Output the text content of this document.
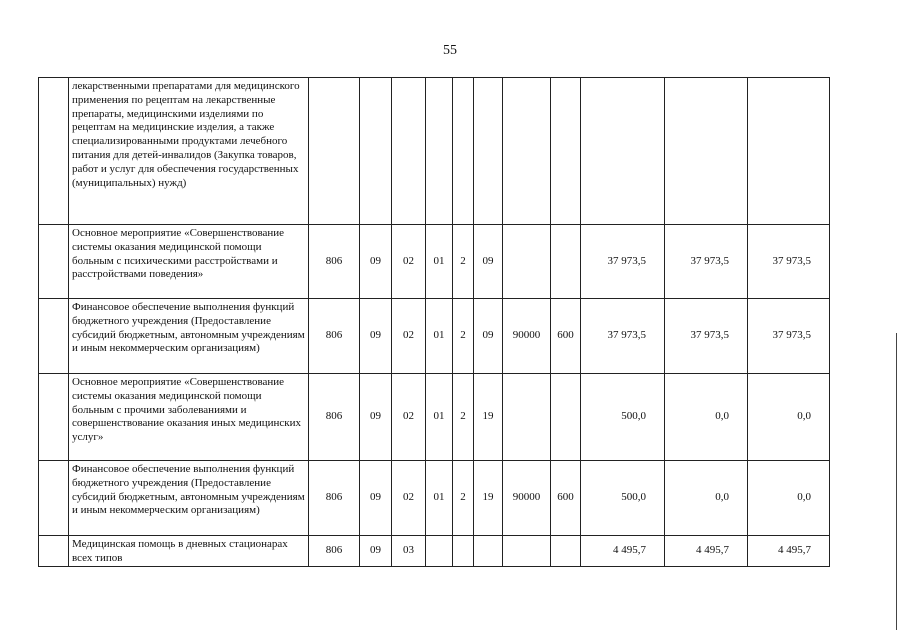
55
	лекарственными препаратами для медицинского применения по рецептам на лекарственные препараты, медицинскими изделиями по рецептам на медицинские изделия, а также специализированными продуктами лечебного питания для детей-инвалидов (Закупка товаров, работ и услуг для обеспечения государственных (муниципальных) нужд)											
	Основное мероприятие «Совершенствование системы оказания медицинской помощи больным с психическими расстройствами и расстройствами поведения»	806	09	02	01	2	09			37 973,5	37 973,5	37 973,5
	Финансовое обеспечение выполнения функций бюджетного учреждения (Предоставление субсидий бюджетным, автономным учреждениям и иным некоммерческим организациям)	806	09	02	01	2	09	90000	600	37 973,5	37 973,5	37 973,5
	Основное мероприятие «Совершенствование системы оказания медицинской помощи больным с прочими заболеваниями и совершенствование оказания иных медицинских услуг»	806	09	02	01	2	19			500,0	0,0	0,0
	Финансовое обеспечение выполнения функций бюджетного учреждения (Предоставление субсидий бюджетным, автономным учреждениям и иным некоммерческим организациям)	806	09	02	01	2	19	90000	600	500,0	0,0	0,0
	Медицинская помощь в дневных стационарах всех типов	806	09	03						4 495,7	4 495,7	4 495,7
